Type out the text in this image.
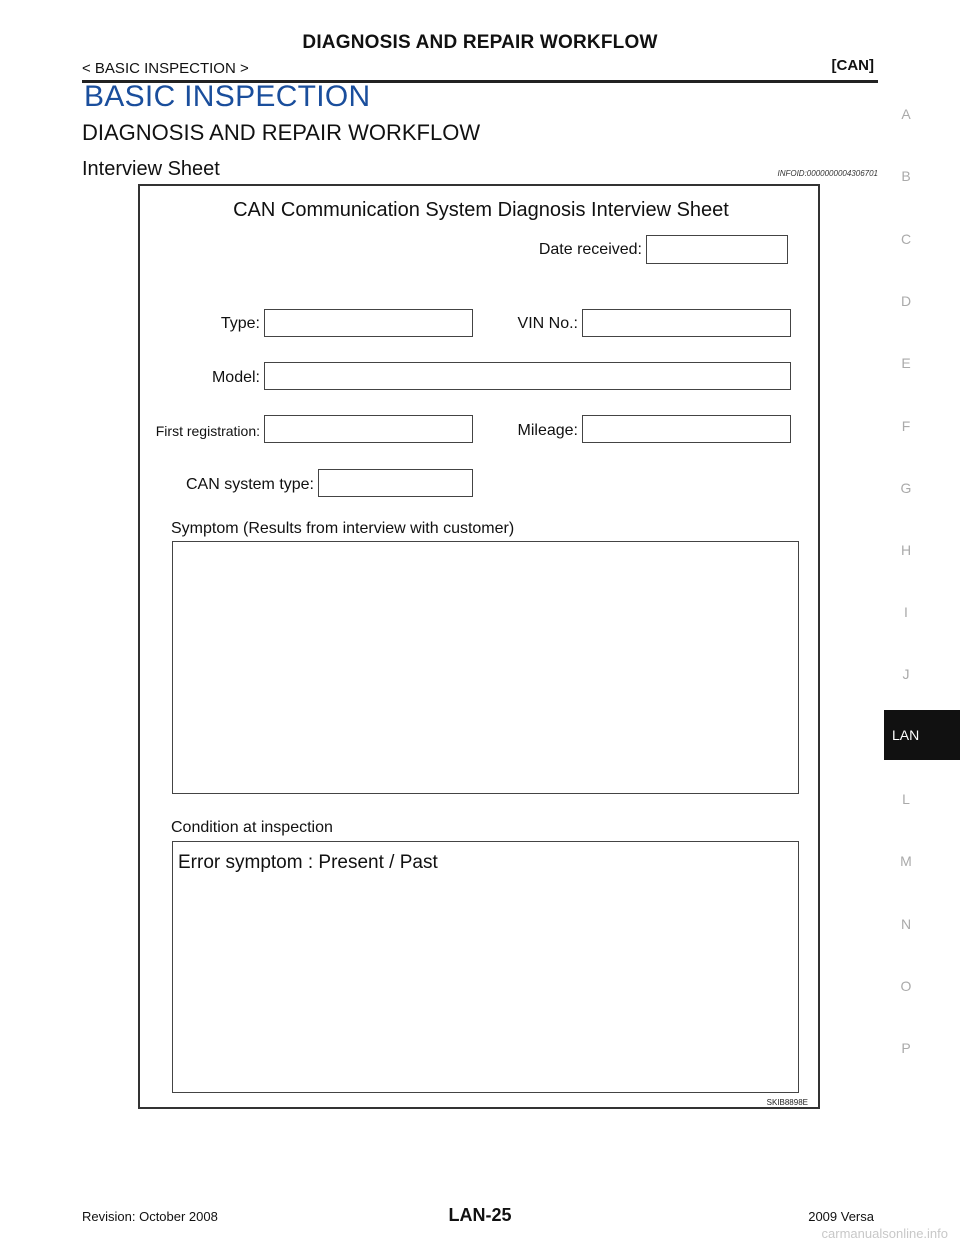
DIAGNOSIS AND REPAIR WORKFLOW
< BASIC INSPECTION >	[CAN]
BASIC INSPECTION
DIAGNOSIS AND REPAIR WORKFLOW
Interview Sheet	INFOID:0000000004306701
CAN Communication System Diagnosis Interview Sheet
Date received:
Type:	VIN No.:
Model:
First registration:	Mileage:
CAN system type:
Symptom (Results from interview with customer)
Condition at inspection
Error symptom : Present / Past
SKIB8898E
A
B
C
D
E
F
G
H
I
J
LAN
L
M
N
O
P
Revision: October 2008	LAN-25	2009 Versa
carmanualsonline.info
